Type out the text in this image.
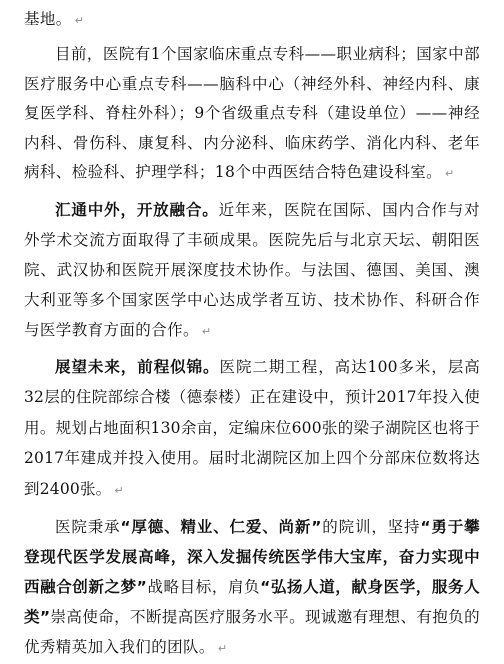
基地。 ↵

目前，医院有1个国家临床重点专科——职业病科；国家中部医疗服务中心重点专科——脑科中心（神经外科、神经内科、康复医学科、脊柱外科）；9个省级重点专科（建设单位）——神经内科、骨伤科、康复科、内分泌科、临床药学、消化内科、老年病科、检验科、护理学科；18个中西医结合特色建设科室。 ↵

汇通中外，开放融合。近年来，医院在国际、国内合作与对外学术交流方面取得了丰硕成果。医院先后与北京天坛、朝阳医院、武汉协和医院开展深度技术协作。与法国、德国、美国、澳大利亚等多个国家医学中心达成学者互访、技术协作、科研合作与医学教育方面的合作。 ↵

展望未来，前程似锦。医院二期工程，高达100多米，层高32层的住院部综合楼（德泰楼）正在建设中，预计2017年投入使用。规划占地面积130余亩，定编床位600张的梁子湖院区也将于2017年建成并投入使用。届时北湖院区加上四个分部床位数将达到2400张。 ↵

医院秉承“厚德、精业、仁爱、尚新”的院训，坚持“勇于攀登现代医学发展高峰，深入发掘传统医学伟大宝库，奋力实现中西融合创新之梦”战略目标，肩负“弘扬人道，献身医学，服务人类”崇高使命，不断提高医疗服务水平。现诚邀有理想、有抱负的优秀精英加入我们的团队。 ↵
